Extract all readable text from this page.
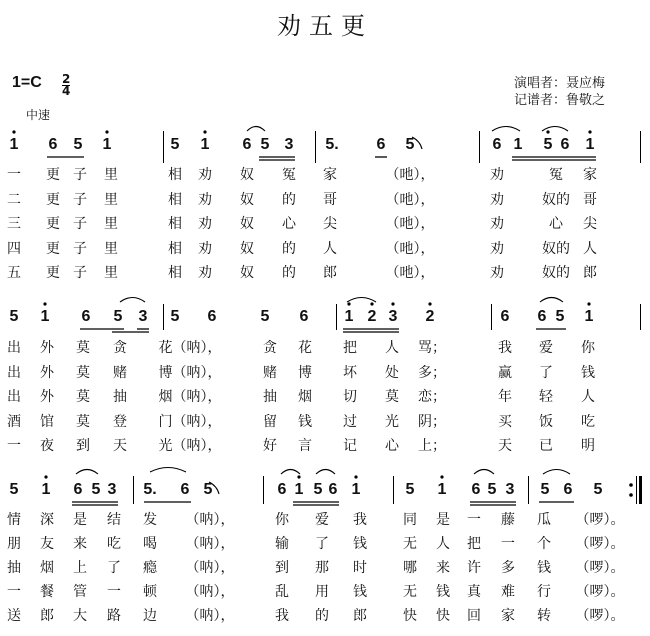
劝五更
$1=C \frac{2}{4}$
中速
演唱者：聂应梅
记谱者：鲁敬之
1 6 5 1	5 1 6 5 3 5. 6 5	6 1 5 6 1
一 更 子 里	相 劝 奴 冤 家	（吔），	劝	冤 家
二 更 子 里	相 劝 奴 的 哥	（吔），	劝	奴的 哥
三 更 子 里	相 劝 奴 心 尖	（吔），	劝	心 尖
四 更 子 里	相 劝 奴 的 人	（吔），	劝	奴的 人
五 更 子 里	相 劝 奴 的 郎	（吔），	劝	奴的 郎
5 1 6 5 3 5 6	5 6 1 2 3 2	6 6 5 1
出 外 莫 贪 花（呐），	贪 花 把 人 骂；	我 爱 你
出 外 莫 赌 博（呐），	赌 博 坏 处 多；	赢 了 钱
出 外 莫 抽 烟（呐），	抽 烟 切 莫 恋；	年 轻 人
酒 馆 莫 登 门（呐），	留 钱 过 光 阴；	买 饭 吃
一 夜 到 天 光（呐），	好 言 记 心 上；	天 已 明
5 1 6 5 3 5. 6 5	6 1 5 6 1	5 1 6 5 3 5 6 5
情 深 是 结 发 （呐），	你 爱 我	同 是 一 藤 瓜 （啰）。
朋 友 来 吃 喝 （呐），	输 了 钱	无 人 把 一 个 （啰）。
抽 烟 上 了 瘾 （呐），	到 那 时	哪 来 许 多 钱 （啰）。
一 餐 管 一 顿 （呐），	乱 用 钱	无 钱 真 难 行 （啰）。
送 郎 大 路 边 （呐），	我 的 郎	快 快 回 家 转 （啰）。
